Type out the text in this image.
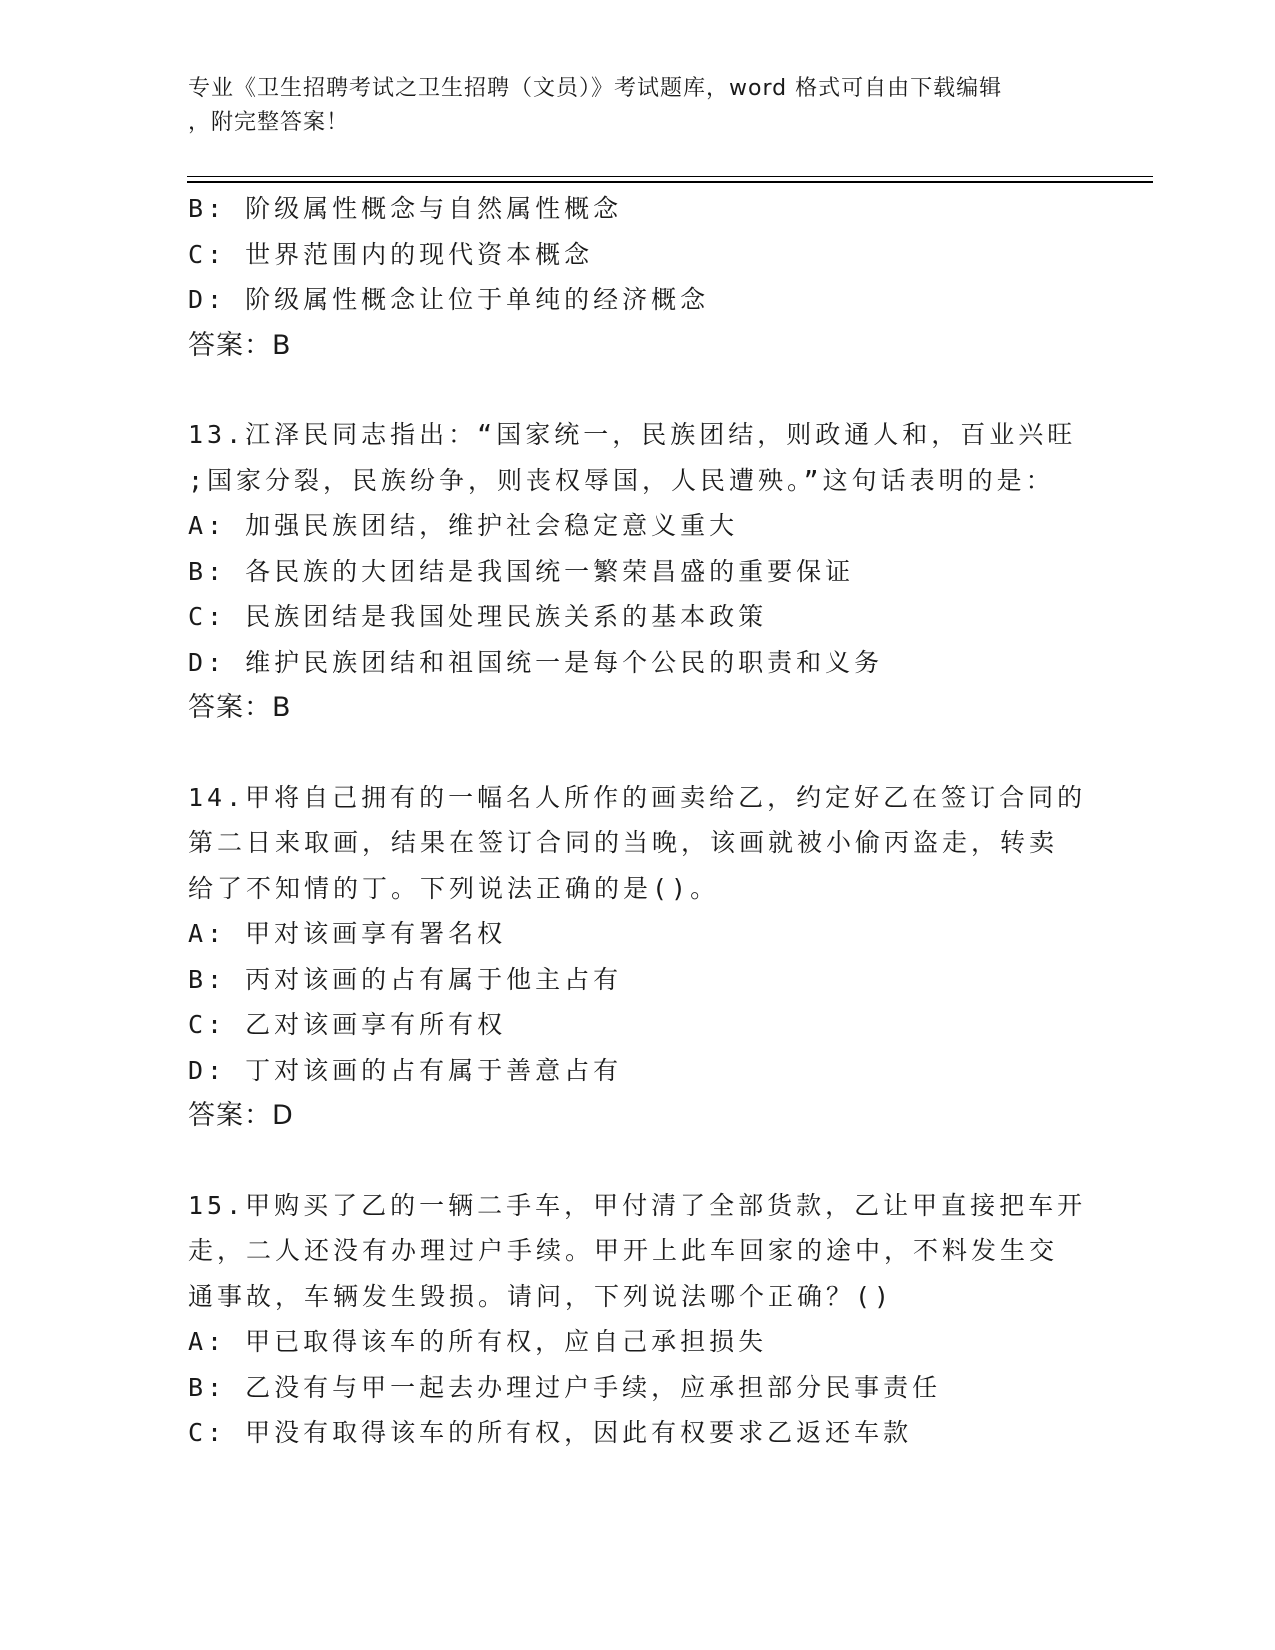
专业《卫生招聘考试之卫生招聘（文员）》考试题库，word 格式可自由下载编辑
，附完整答案！
B: 阶级属性概念与自然属性概念
C: 世界范围内的现代资本概念
D: 阶级属性概念让位于单纯的经济概念
答案：B
13.江泽民同志指出：“国家统一，民族团结，则政通人和，百业兴旺
;国家分裂，民族纷争，则丧权辱国，人民遭殃。”这句话表明的是：
A: 加强民族团结，维护社会稳定意义重大
B: 各民族的大团结是我国统一繁荣昌盛的重要保证
C: 民族团结是我国处理民族关系的基本政策
D: 维护民族团结和祖国统一是每个公民的职责和义务
答案：B
14.甲将自己拥有的一幅名人所作的画卖给乙，约定好乙在签订合同的
第二日来取画，结果在签订合同的当晚，该画就被小偷丙盗走，转卖
给了不知情的丁。下列说法正确的是()。
A: 甲对该画享有署名权
B: 丙对该画的占有属于他主占有
C: 乙对该画享有所有权
D: 丁对该画的占有属于善意占有
答案：D
15.甲购买了乙的一辆二手车，甲付清了全部货款，乙让甲直接把车开
走，二人还没有办理过户手续。甲开上此车回家的途中，不料发生交
通事故，车辆发生毁损。请问，下列说法哪个正确？()
A: 甲已取得该车的所有权，应自己承担损失
B: 乙没有与甲一起去办理过户手续，应承担部分民事责任
C: 甲没有取得该车的所有权，因此有权要求乙返还车款
